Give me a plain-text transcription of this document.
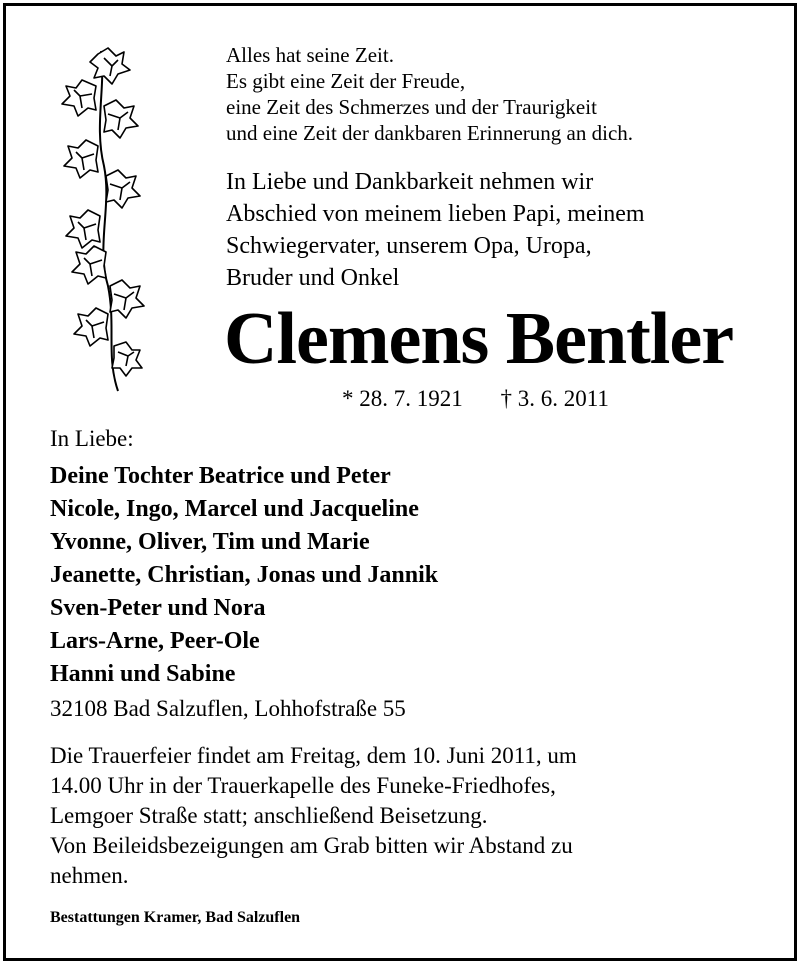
Alles hat seine Zeit.
Es gibt eine Zeit der Freude,
eine Zeit des Schmerzes und der Traurigkeit
und eine Zeit der dankbaren Erinnerung an dich.
In Liebe und Dankbarkeit nehmen wir
Abschied von meinem lieben Papi, meinem
Schwiegervater, unserem Opa, Uropa,
Bruder und Onkel
Clemens Bentler
* 28. 7. 1921 † 3. 6. 2011
In Liebe:
Deine Tochter Beatrice und Peter
Nicole, Ingo, Marcel und Jacqueline
Yvonne, Oliver, Tim und Marie
Jeanette, Christian, Jonas und Jannik
Sven-Peter und Nora
Lars-Arne, Peer-Ole
Hanni und Sabine
32108 Bad Salzuflen, Lohhofstraße 55
Die Trauerfeier findet am Freitag, dem 10. Juni 2011, um
14.00 Uhr in der Trauerkapelle des Funeke-Friedhofes,
Lemgoer Straße statt; anschließend Beisetzung.
Von Beileidsbezeigungen am Grab bitten wir Abstand zu
nehmen.
Bestattungen Kramer, Bad Salzuflen
